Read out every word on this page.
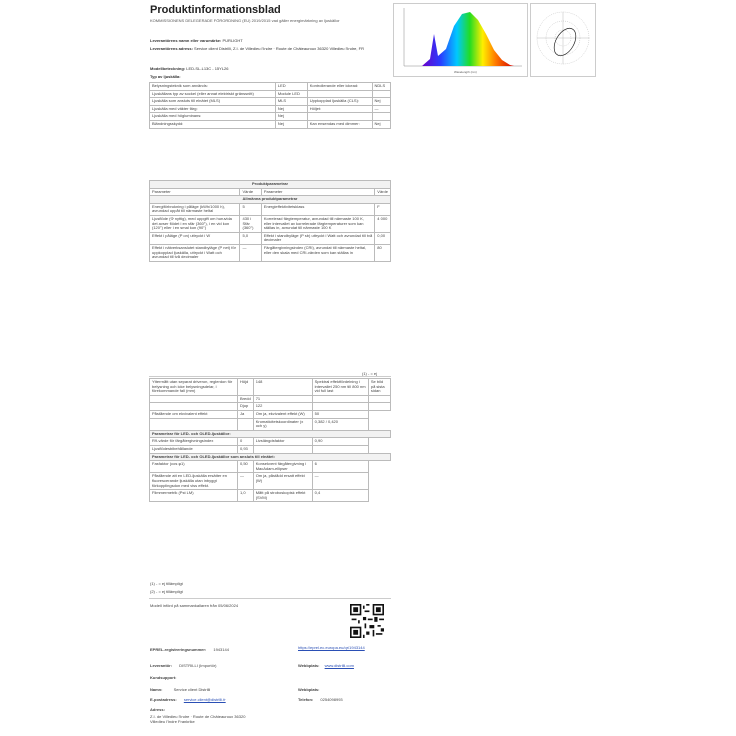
Produktinformationsblad
KOMMISSIONENS DELEGERADE FÖRORDNING (EU) 2019/2015 vad gäller energimärkning av ljuskällor
Leverantörens namn eller varumärke: PURLIGHT
Leverantörens adress: Service client Distrilli, Z.I. de Villedieu l'Indre · Route de Châteauroux 36320 Villedieu l'Indre, FR
Modellbeteckning: LED-SL-L13C - 15YL26
Typ av ljuskälla:
Wavelength (nm)
Belysningsteknik som används:	LED	Kontrollerande eller ickead:	NDLS
Ljuskällans typ av sockel (eller annat elektriskt gränssnitt)	Module LED		
Ljuskälla som ansluts till elnätet (MLS)	MLS	Uppkopplad ljuskälla (CLS):	Nej
Ljuskälla med väkter färg:	Nej	Höljet:	—
Ljuskälla med högluminans:	Nej		
Bländningsskydd:	Nej	Kan ensendas med dimmer:	Nej
Produktparametrar			
Parameter	Värde	Parameter	Värde
Allmänna produktparametrar			
Energiförbrukning i påläge (kWh/1000 h), avrundad uppåt till närmaste heltal	5	Energieffektivitetsklass	F
Ljusflöde (Φ nyttig), med uppgift om huruvida det avser flödet i en sfär (360°), i en vid kon (120°) eller i en smal kon (90°)	430 i Sfär (360°)	Korrelerad färgtemperatur, avrundad till närmaste 100 K, eller intervallet av korrelerade färgtemperaturer som kan ställas in, avrundat till närmaste 100 K	4 000
Effekt i påläge (P on) uttryckt i W	5,0	Effekt i standbyläge (P sb) uttryckt i Watt och avrundad till två decimaler	0,00
Effekt i nätverksanslutet standbyläge (P net) för uppkopplad ljuskälla, uttryckt i Watt och avrundad till två decimaler	—	Färgåtergivningsindex (CRI), avrundat till närmaste heltal, eller den skala med CRI-värden som kan ställas in	80
(1) - = ej
Ytterrnått utan separat driveron, reglerdon för belysning och icke belysningsdelar, i förekommande fall (mm)	Höjd	148	Spektral effektfördelning i intervallet 250 nm till 800 nm vid full last	Se bild på sista sidan
	Bredd	71		
	Djup	122		
Påstående om ekvivalent effekt	Ja	Om ja, ekvivalent effekt (W)	50	
		Kromaticitetskoordinater (x och y)	0,382 / 0,420	
Parametrar för LED- och OLED-ljuskällor:				
R9-värde för färgåtergivningsindex	0	Livslängdsfaktor	0,90	
Ljusflödesbibehållande	0,93			
Parametrar för LED- och OLED-ljuskällor som ansluts till elnätet:				
Fasfaktor (cos φ1)	0,50	Konsekvent färgåtergivning i MacAdam-ellipser	6	
Påstående att en LED-ljuskälla ersätter en fluorescerande ljuskälla utan inbyggt förkopplingsdon med viss effekt.	—	Om ja, påstådd ersatt effekt (W)	—	
Flimmermetrik (Pst LM)	1,0	Mått på stroboskopisk effekt (SVM)	0,4	
(1) - = ej tillämpligt
(2) - = ej tillämpligt
Modell införd på sammankallaren från 05/06/2024
EPREL-registreringsnummer: 1943144	https://eprel.ec.europa.eu/qr/1943144
Leverantör: DISTRILLI (Importör)	Webbplats: www.distrilli.com
Kundsupport:
Namn:	Service client Distrilli	Webbplats:
E-postadress: service.client@distrilli.fr	Telefon: 0254098993
Adress:
Z.I. de Villedieu l'Indre · Route de Châteauroux 36320 Villedieu l'Indre Frankrike
